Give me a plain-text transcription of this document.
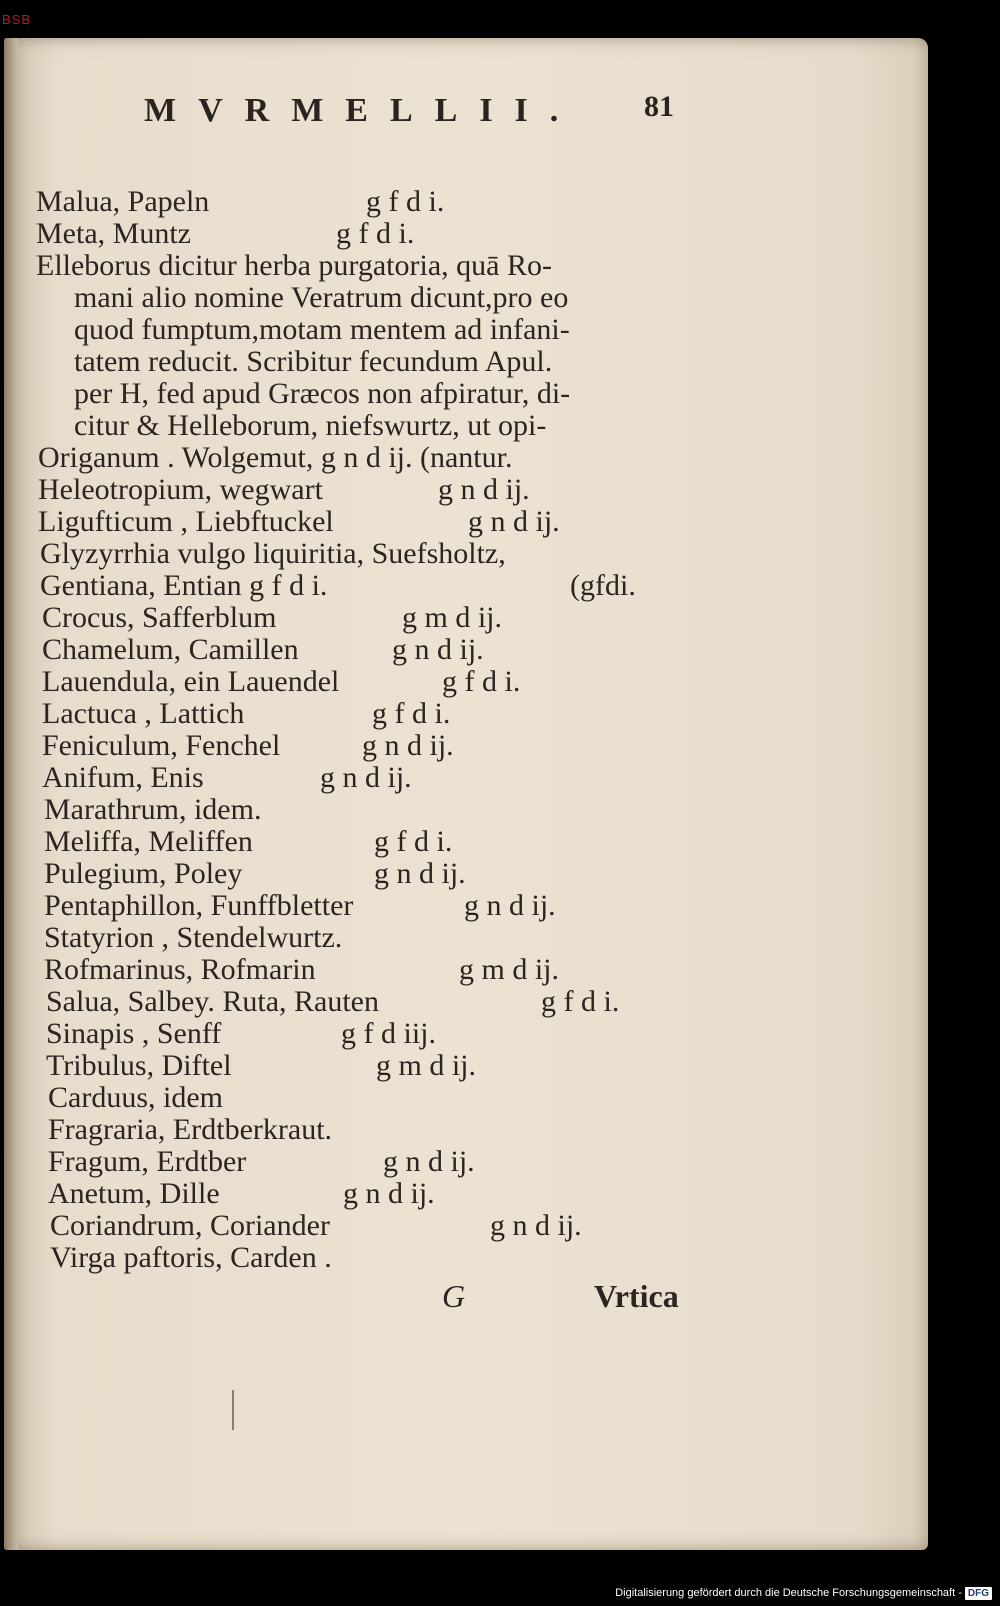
BSB
MVRMELLII. 81
Malua, Papeln	g f d i.
Meta, Muntz	g f d i.
Elleborus dicitur herba purgatoria, quā Ro-
mani alio nomine Veratrum dicunt,pro eo
quod fumptum,motam mentem ad infani-
tatem reducit. Scribitur fecundum Apul.
per H, fed apud Græcos non afpiratur, di-
citur & Helleborum, niefswurtz, ut opi-
Origanum . Wolgemut, g n d ij. (nantur.
Heleotropium, wegwart	g n d ij.
Ligufticum , Liebftuckel	g n d ij.
Glyzyrrhia vulgo liquiritia, Suefsholtz,
Gentiana, Entian g f d i.	(gfdi.
Crocus, Safferblum	g m d ij.
Chamelum, Camillen	g n d ij.
Lauendula, ein Lauendel	g f d i.
Lactuca , Lattich	g f d i.
Feniculum, Fenchel	g n d ij.
Anifum, Enis	g n d ij.
Marathrum, idem.
Meliffa, Meliffen	g f d i.
Pulegium, Poley	g n d ij.
Pentaphillon, Funffbletter	g n d ij.
Statyrion , Stendelwurtz.
Rofmarinus, Rofmarin	g m d ij.
Salua, Salbey. Ruta, Rauten	g f d i.
Sinapis , Senff	g f d iij.
Tribulus, Diftel	g m d ij.
Carduus, idem
Fragraria, Erdtberkraut.
Fragum, Erdtber	g n d ij.
Anetum, Dille	g n d ij.
Coriandrum, Coriander	g n d ij.
Virga paftoris, Carden .
G	Vrtica
Digitalisierung gefördert durch die Deutsche Forschungsgemeinschaft - DFG
